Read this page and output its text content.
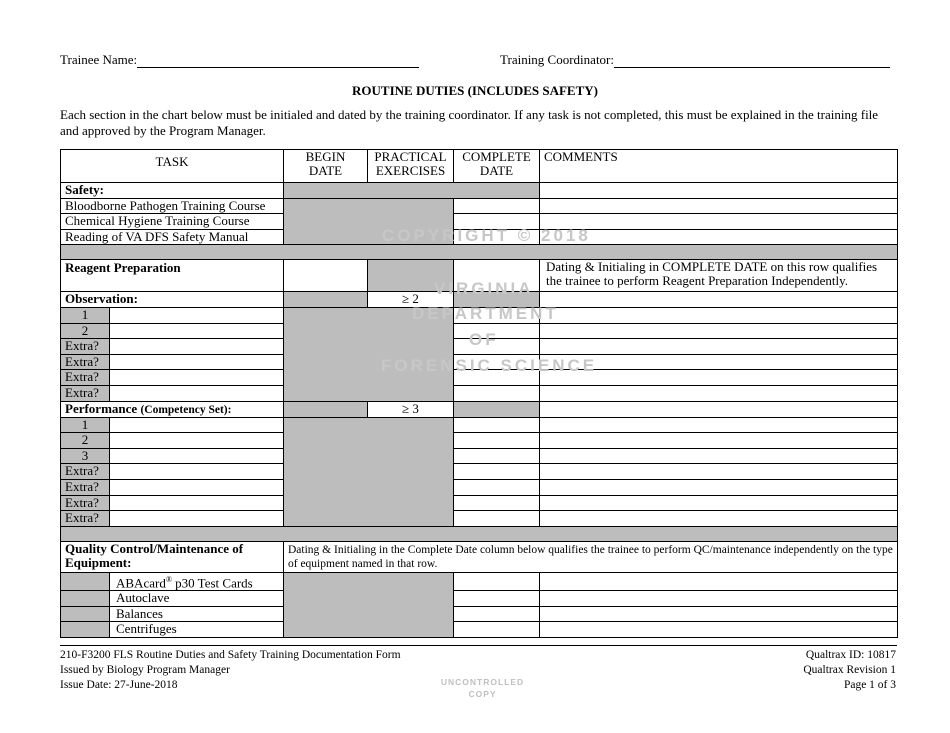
Trainee Name:	Training Coordinator:
ROUTINE DUTIES (INCLUDES SAFETY)
Each section in the chart below must be initialed and dated by the training coordinator. If any task is not completed, this must be explained in the training file and approved by the Program Manager.
TASK		BEGIN DATE	PRACTICAL EXERCISES	COMPLETE DATE	COMMENTS
Safety:					
Bloodborne Pathogen Training Course					
Chemical Hygiene Training Course					
Reading of VA DFS Safety Manual					

Reagent Preparation					Dating & Initialing in COMPLETE DATE on this row qualifies the trainee to perform Reagent Preparation Independently.
Observation:			≥ 2		
1					
2					
Extra?					
Extra?					
Extra?					
Extra?					
Performance (Competency Set):			≥ 3		
1					
2					
3					
Extra?					
Extra?					
Extra?					
Extra?					

Quality Control/Maintenance of Equipment:		Dating & Initialing in the Complete Date column below qualifies the trainee to perform QC/maintenance independently on the type of equipment named in that row.			
	ABAcard® p30 Test Cards				
	Autoclave				
	Balances				
	Centrifuges				
COPYRIGHT © 2018
VIRGINIA
DEPARTMENT
OF
FORENSIC SCIENCE
210-F3200 FLS Routine Duties and Safety Training Documentation Form
Issued by Biology Program Manager
Issue Date: 27-June-2018	UNCONTROLLED
COPY
Qualtrax ID: 10817
Qualtrax Revision 1
Page 1 of 3
